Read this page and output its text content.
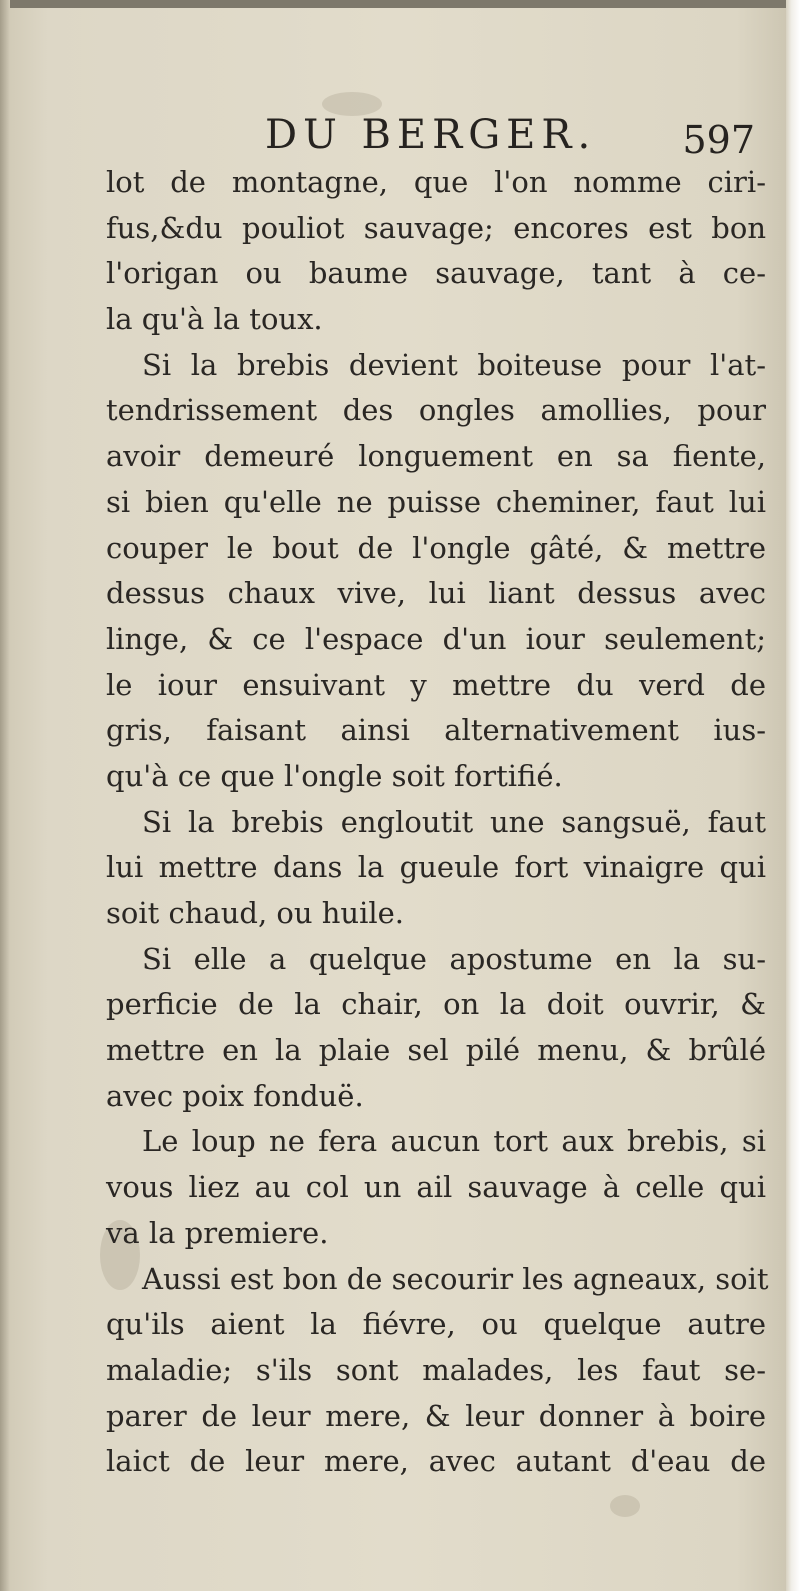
DU BERGER. 597
lot de montagne, que l'on nomme ciri-
fus,&du pouliot sauvage; encores est bon
l'origan ou baume sauvage, tant à ce-
la qu'à la toux.
Si la brebis devient boiteuse pour l'at-
tendrissement des ongles amollies, pour
avoir demeuré longuement en sa fiente,
si bien qu'elle ne puisse cheminer, faut lui
couper le bout de l'ongle gâté, & mettre
dessus chaux vive, lui liant dessus avec
linge, & ce l'espace d'un iour seulement;
le iour ensuivant y mettre du verd de
gris, faisant ainsi alternativement ius-
qu'à ce que l'ongle soit fortifié.
Si la brebis engloutit une sangsuë, faut
lui mettre dans la gueule fort vinaigre qui
soit chaud, ou huile.
Si elle a quelque apostume en la su-
perficie de la chair, on la doit ouvrir, &
mettre en la plaie sel pilé menu, & brûlé
avec poix fonduë.
Le loup ne fera aucun tort aux brebis, si
vous liez au col un ail sauvage à celle qui
va la premiere.
Aussi est bon de secourir les agneaux, soit
qu'ils aient la fiévre, ou quelque autre
maladie; s'ils sont malades, les faut se-
parer de leur mere, & leur donner à boire
laict de leur mere, avec autant d'eau de
